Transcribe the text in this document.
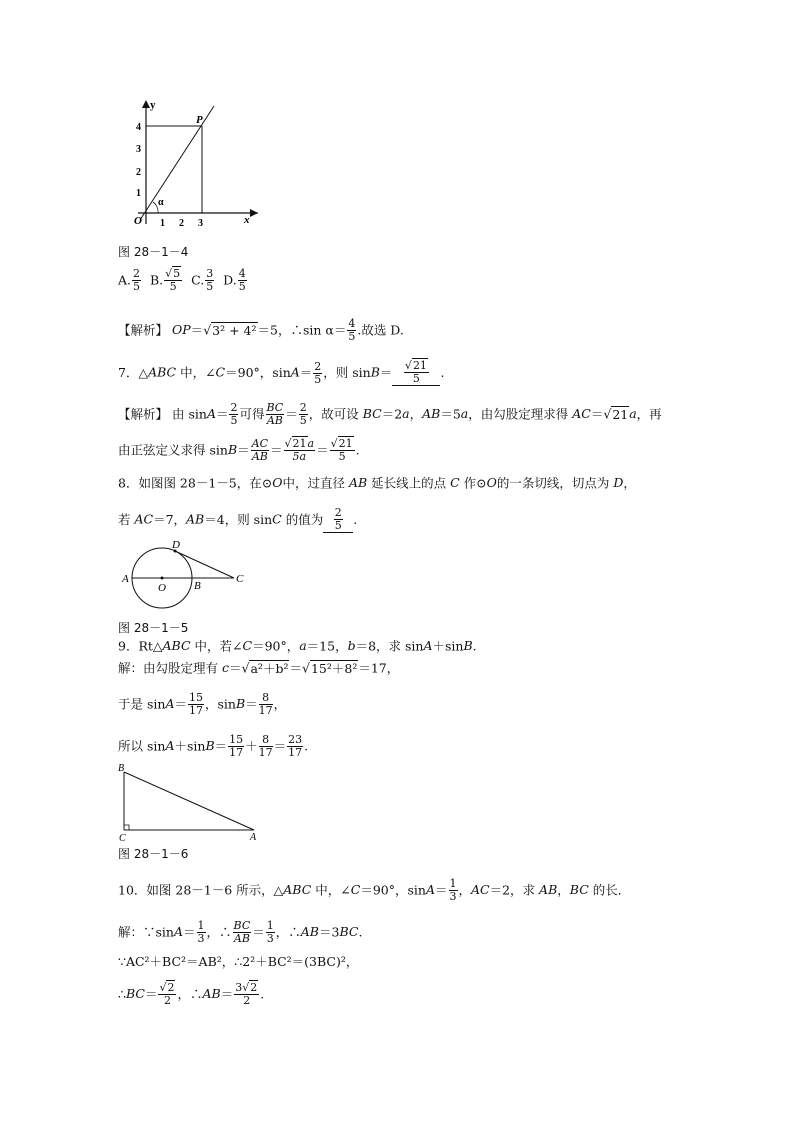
y
x
O
P
α
1 2 3
1
2
3
4
图 28－1－4
A. $\frac{2}{5} B$. $\frac{√5}{5} C$. $\frac{3}{5} D$. $\frac{4}{5}$
【解析】 OP＝√3² + 4²＝5，∴sin $\alpha= \frac{4}{5}$ .故选 D.
7．△ABC 中，∠C＝90°，$\sin A= \frac{2}{5}$ ，则 $\sin B= \frac{√21}{5}$ .
【解析】 由 $\sin A= \frac{2}{5}$ 可得 $\frac{BC}{AB}= \frac{2}{5}$ ，故可设 BC＝2a，AB＝5a，由勾股定理求得 AC＝√21a，再
由正弦定义求得 $\sin B= \frac{AC}{AB}= \frac{√21a}{5a}= \frac{√21}{5}$ .
8．如图图 28－1－5，在⊙O中，过直径 AB 延长线上的点 C 作⊙O的一条切线，切点为 D，
若 AC＝7，AB＝4，则 sinC 的值为 $\frac{2}{5}$ .
A
B
C
D
O
图 28－1－5
9．Rt△ABC 中，若∠C＝90°，a＝15，b＝8，求 sinA＋sinB.
解：由勾股定理有 c＝√a²＋b²＝√15²＋8²＝17，
于是 $\sin A= \frac{15}{17}$ ，$\sin B= \frac{8}{17}$ ，
所以 $\sin A+\sin B= \frac{15}{17} + \frac{8}{17} = \frac{23}{17}$ .
B
C	A
图 28－1－6
10．如图 28－1－6 所示，△ABC 中，∠C＝90°，$\sin A= \frac{1}{3}$ ，AC＝2，求 AB，BC 的长．
解：∵sinA＝ $\frac{1}{3}$ ，∴ $\frac{BC}{AB}= \frac{1}{3}$ ，∴AB＝3BC.
∵AC²＋BC²＝AB²，∴2²＋BC²＝(3BC)²，
∴BC＝ $\frac{√2}{2}$ ，∴AB＝ $\frac{3√2}{2}$ .
